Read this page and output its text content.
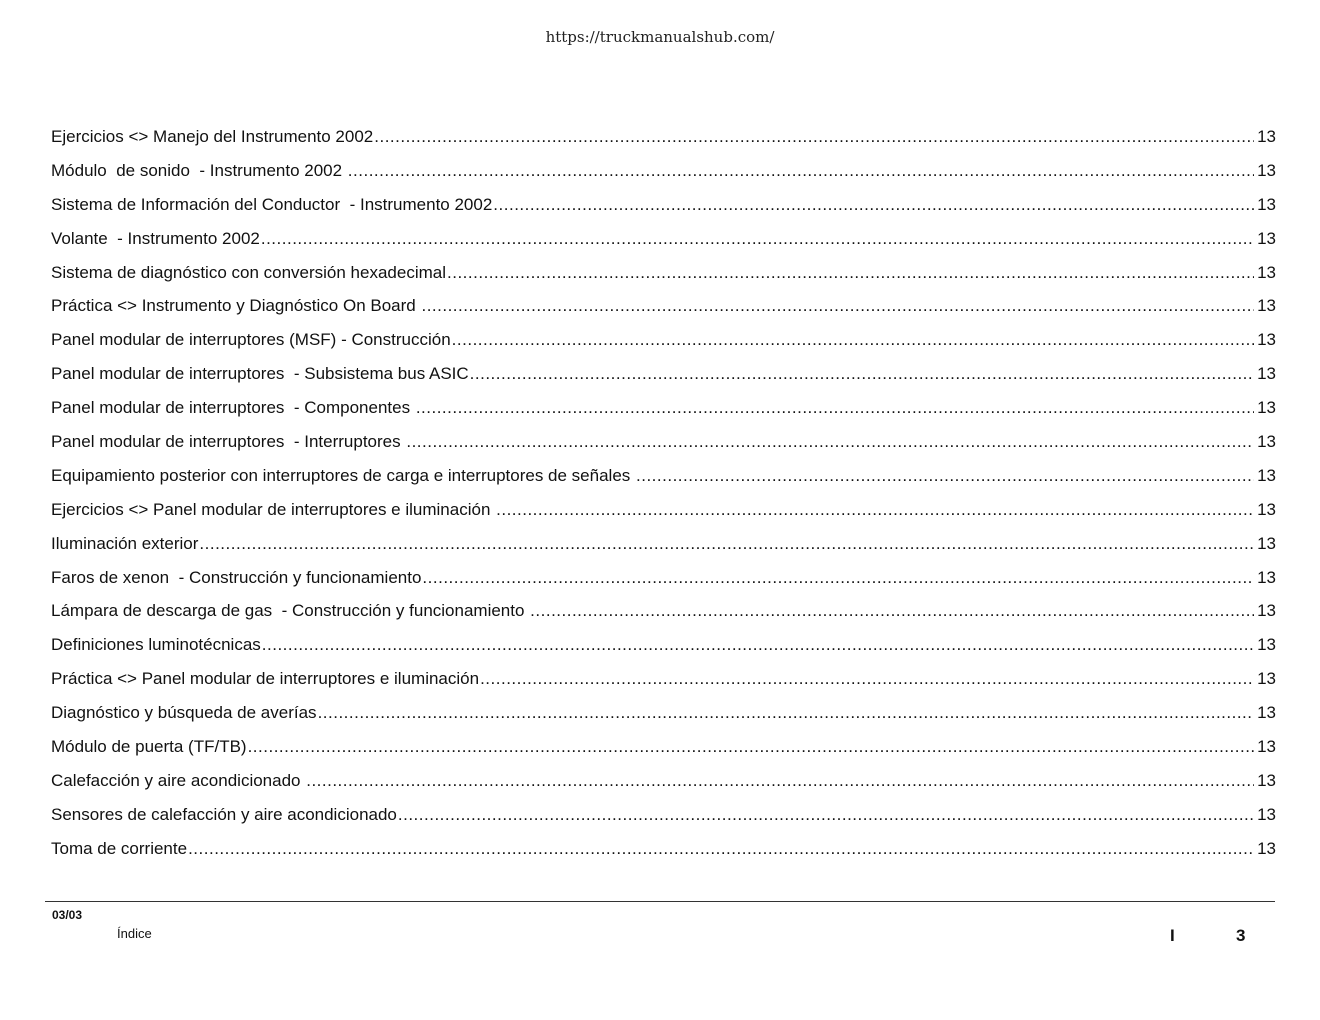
https://truckmanualshub.com/
Ejercicios <> Manejo del Instrumento 2002 .....	13
Módulo  de sonido  - Instrumento 2002 .....	13
Sistema de Información del Conductor  - Instrumento 2002 .....	13
Volante  - Instrumento 2002 .....	13
Sistema de diagnóstico con conversión hexadecimal .....	13
Práctica <> Instrumento y Diagnóstico On Board .....	13
Panel modular de interruptores (MSF) - Construcción .....	13
Panel modular de interruptores  - Subsistema bus ASIC .....	13
Panel modular de interruptores  - Componentes .....	13
Panel modular de interruptores  - Interruptores .....	13
Equipamiento posterior con interruptores de carga e interruptores de señales .....	13
Ejercicios <> Panel modular de interruptores e iluminación .....	13
Iluminación exterior .....	13
Faros de xenon  - Construcción y funcionamiento .....	13
Lámpara de descarga de gas  - Construcción y funcionamiento .....	13
Definiciones luminotécnicas .....	13
Práctica <> Panel modular de interruptores e iluminación .....	13
Diagnóstico y búsqueda de averías .....	13
Módulo de puerta (TF/TB) .....	13
Calefacción y aire acondicionado .....	13
Sensores de calefacción y aire acondicionado .....	13
Toma de corriente .....	13
03/03
Índice	I	3
